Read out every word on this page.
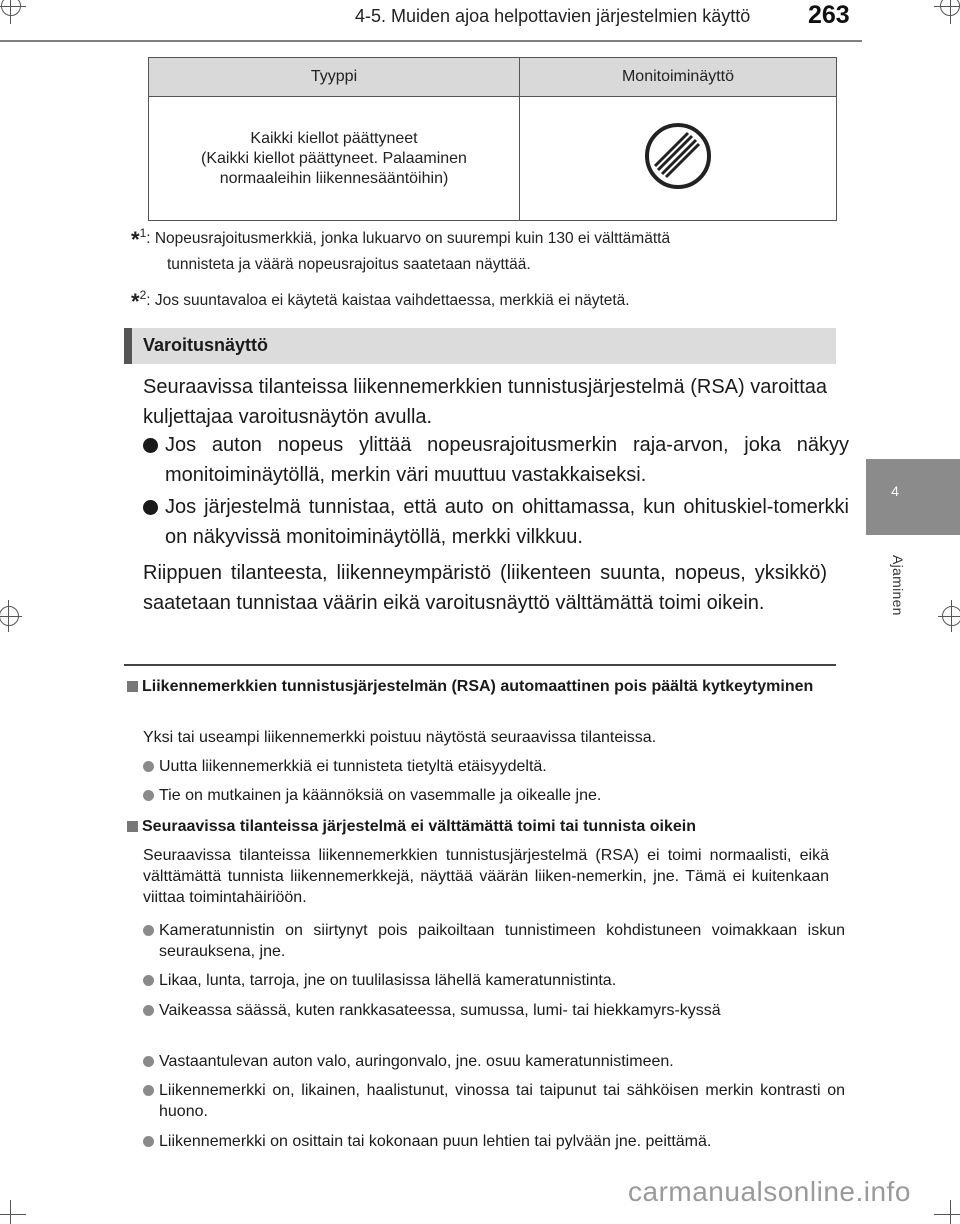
4-5. Muiden ajoa helpottavien järjestelmien käyttö 263
4
Ajaminen
Tyyppi	Monitoiminäyttö

Kaikki kiellot päättyneet
(Kaikki kiellot päättyneet. Palaaminen
normaaleihin liikennesääntöihin)

*$^1$: Nopeusrajoitusmerkkiä, jonka lukuarvo on suurempi kuin 130 ei välttämättä
tunnisteta ja väärä nopeusrajoitus saatetaan näyttää.
*$^2$: Jos suuntavaloa ei käytetä kaistaa vaihdettaessa, merkkiä ei näytetä.
Varoitusnäyttö
Seuraavissa tilanteissa liikennemerkkien tunnistusjärjestelmä (RSA) varoittaa kuljettajaa varoitusnäytön avulla.
Jos auton nopeus ylittää nopeusrajoitusmerkin raja-arvon, joka näkyy monitoiminäytöllä, merkin väri muuttuu vastakkaiseksi.
Jos järjestelmä tunnistaa, että auto on ohittamassa, kun ohituskiel-tomerkki on näkyvissä monitoiminäytöllä, merkki vilkkuu.
Riippuen tilanteesta, liikenneympäristö (liikenteen suunta, nopeus, yksikkö) saatetaan tunnistaa väärin eikä varoitusnäyttö välttämättä toimi oikein.
Liikennemerkkien tunnistusjärjestelmän (RSA) automaattinen pois päältä kytkeytyminen
Yksi tai useampi liikennemerkki poistuu näytöstä seuraavissa tilanteissa.
Uutta liikennemerkkiä ei tunnisteta tietyltä etäisyydeltä.
Tie on mutkainen ja käännöksiä on vasemmalle ja oikealle jne.
Seuraavissa tilanteissa järjestelmä ei välttämättä toimi tai tunnista oikein
Seuraavissa tilanteissa liikennemerkkien tunnistusjärjestelmä (RSA) ei toimi normaalisti, eikä välttämättä tunnista liikennemerkkejä, näyttää väärän liiken-nemerkin, jne. Tämä ei kuitenkaan viittaa toimintahäiriöön.
Kameratunnistin on siirtynyt pois paikoiltaan tunnistimeen kohdistuneen voimakkaan iskun seurauksena, jne.
Likaa, lunta, tarroja, jne on tuulilasissa lähellä kameratunnistinta.
Vaikeassa säässä, kuten rankkasateessa, sumussa, lumi- tai hiekkamyrs-kyssä
Vastaantulevan auton valo, auringonvalo, jne. osuu kameratunnistimeen.
Liikennemerkki on, likainen, haalistunut, vinossa tai taipunut tai sähköisen merkin kontrasti on huono.
Liikennemerkki on osittain tai kokonaan puun lehtien tai pylvään jne. peittämä.
carmanualsonline.info
